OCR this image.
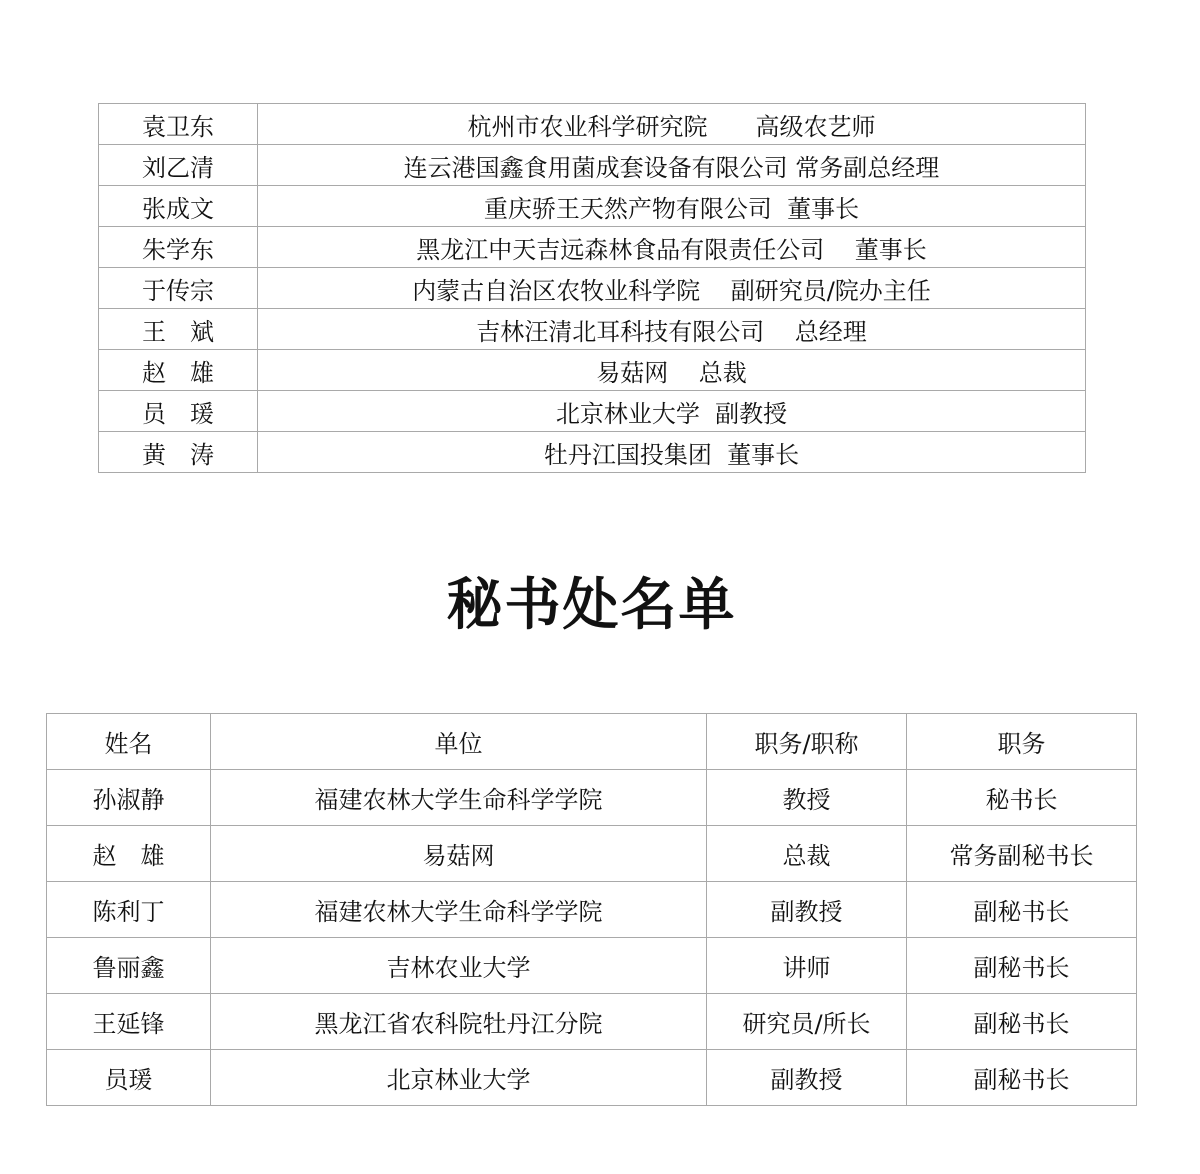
袁卫东	杭州市农业科学研究院　　高级农艺师
刘乙清	连云港国鑫食用菌成套设备有限公司 常务副总经理
张成文	重庆骄王天然产物有限公司  董事长
朱学东	黑龙江中天吉远森林食品有限责任公司    董事长
于传宗	内蒙古自治区农牧业科学院    副研究员/院办主任
王　斌	吉林汪清北耳科技有限公司    总经理
赵　雄	易菇网    总裁
员　瑗	北京林业大学  副教授
黄　涛	牡丹江国投集团  董事长
秘书处名单
姓名	单位	职务/职称	职务
孙淑静	福建农林大学生命科学学院	教授	秘书长
赵　雄	易菇网	总裁	常务副秘书长
陈利丁	福建农林大学生命科学学院	副教授	副秘书长
鲁丽鑫	吉林农业大学	讲师	副秘书长
王延锋	黑龙江省农科院牡丹江分院	研究员/所长	副秘书长
员瑗	北京林业大学	副教授	副秘书长
